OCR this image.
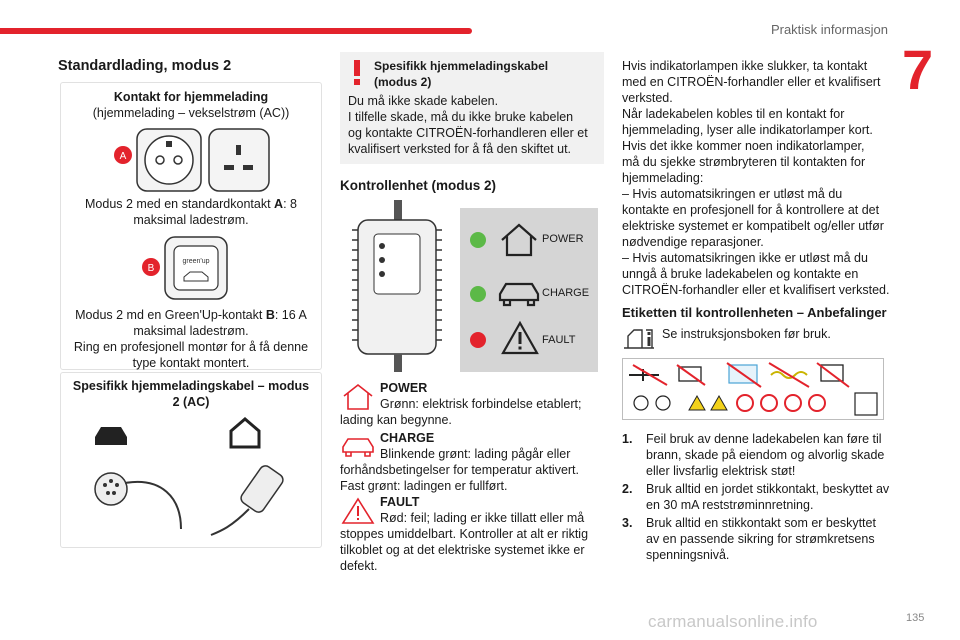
Praktisk informasjon
7
Standardlading, modus 2
Kontakt for hjemmelading
(hjemmelading – vekselstrøm (AC))
A
Modus 2 med en standardkontakt A: 8
maksimal ladestrøm.
B
green'up
Modus 2 md en Green'Up-kontakt B: 16 A
maksimal ladestrøm.
Ring en profesjonell montør for å få denne
type kontakt montert.
Spesifikk hjemmeladingskabel – modus
2 (AC)
Spesifikk hjemmeladingskabel
(modus 2)
Du må ikke skade kabelen.
I tilfelle skade, må du ikke bruke kabelen
og kontakte CITROËN-forhandleren eller et
kvalifisert verksted for å få den skiftet ut.
Kontrollenhet (modus 2)
POWER
CHARGE
FAULT
POWER
Grønn: elektrisk forbindelse etablert;
lading kan begynne.
CHARGE
Blinkende grønt: lading pågår eller
forhåndsbetingelser for temperatur aktivert.
Fast grønt: ladingen er fullført.
FAULT
Rød: feil; lading er ikke tillatt eller må
stoppes umiddelbart. Kontroller at alt er riktig
tilkoblet og at det elektriske systemet ikke er
defekt.

Hvis indikatorlampen ikke slukker, ta kontakt

med en CITROËN-forhandler eller et kvalifisert

verksted.

Når ladekabelen kobles til en kontakt for

hjemmelading, lyser alle indikatorlamper kort.

Hvis det ikke kommer noen indikatorlamper,

må du sjekke strømbryteren til kontakten for

hjemmelading:

– Hvis automatsikringen er utløst må du

kontakte en profesjonell for å kontrollere at det

elektriske systemet er kompatibelt og/eller utfør

nødvendige reparasjoner.

– Hvis automatsikringen ikke er utløst må du

unngå å bruke ladekabelen og kontakte en

CITROËN-forhandler eller et kvalifisert verksted.

Etiketten til kontrollenheten – Anbefalinger
Se instruksjonsboken før bruk.
1. Feil bruk av denne ladekabelen kan føre til
brann, skade på eiendom og alvorlig skade
eller livsfarlig elektrisk støt!
2. Bruk alltid en jordet stikkontakt, beskyttet av
en 30 mA reststrøminnretning.
3. Bruk alltid en stikkontakt som er beskyttet
av en passende sikring for strømkretsens
spenningsnivå.
carmanualsonline.info	135
